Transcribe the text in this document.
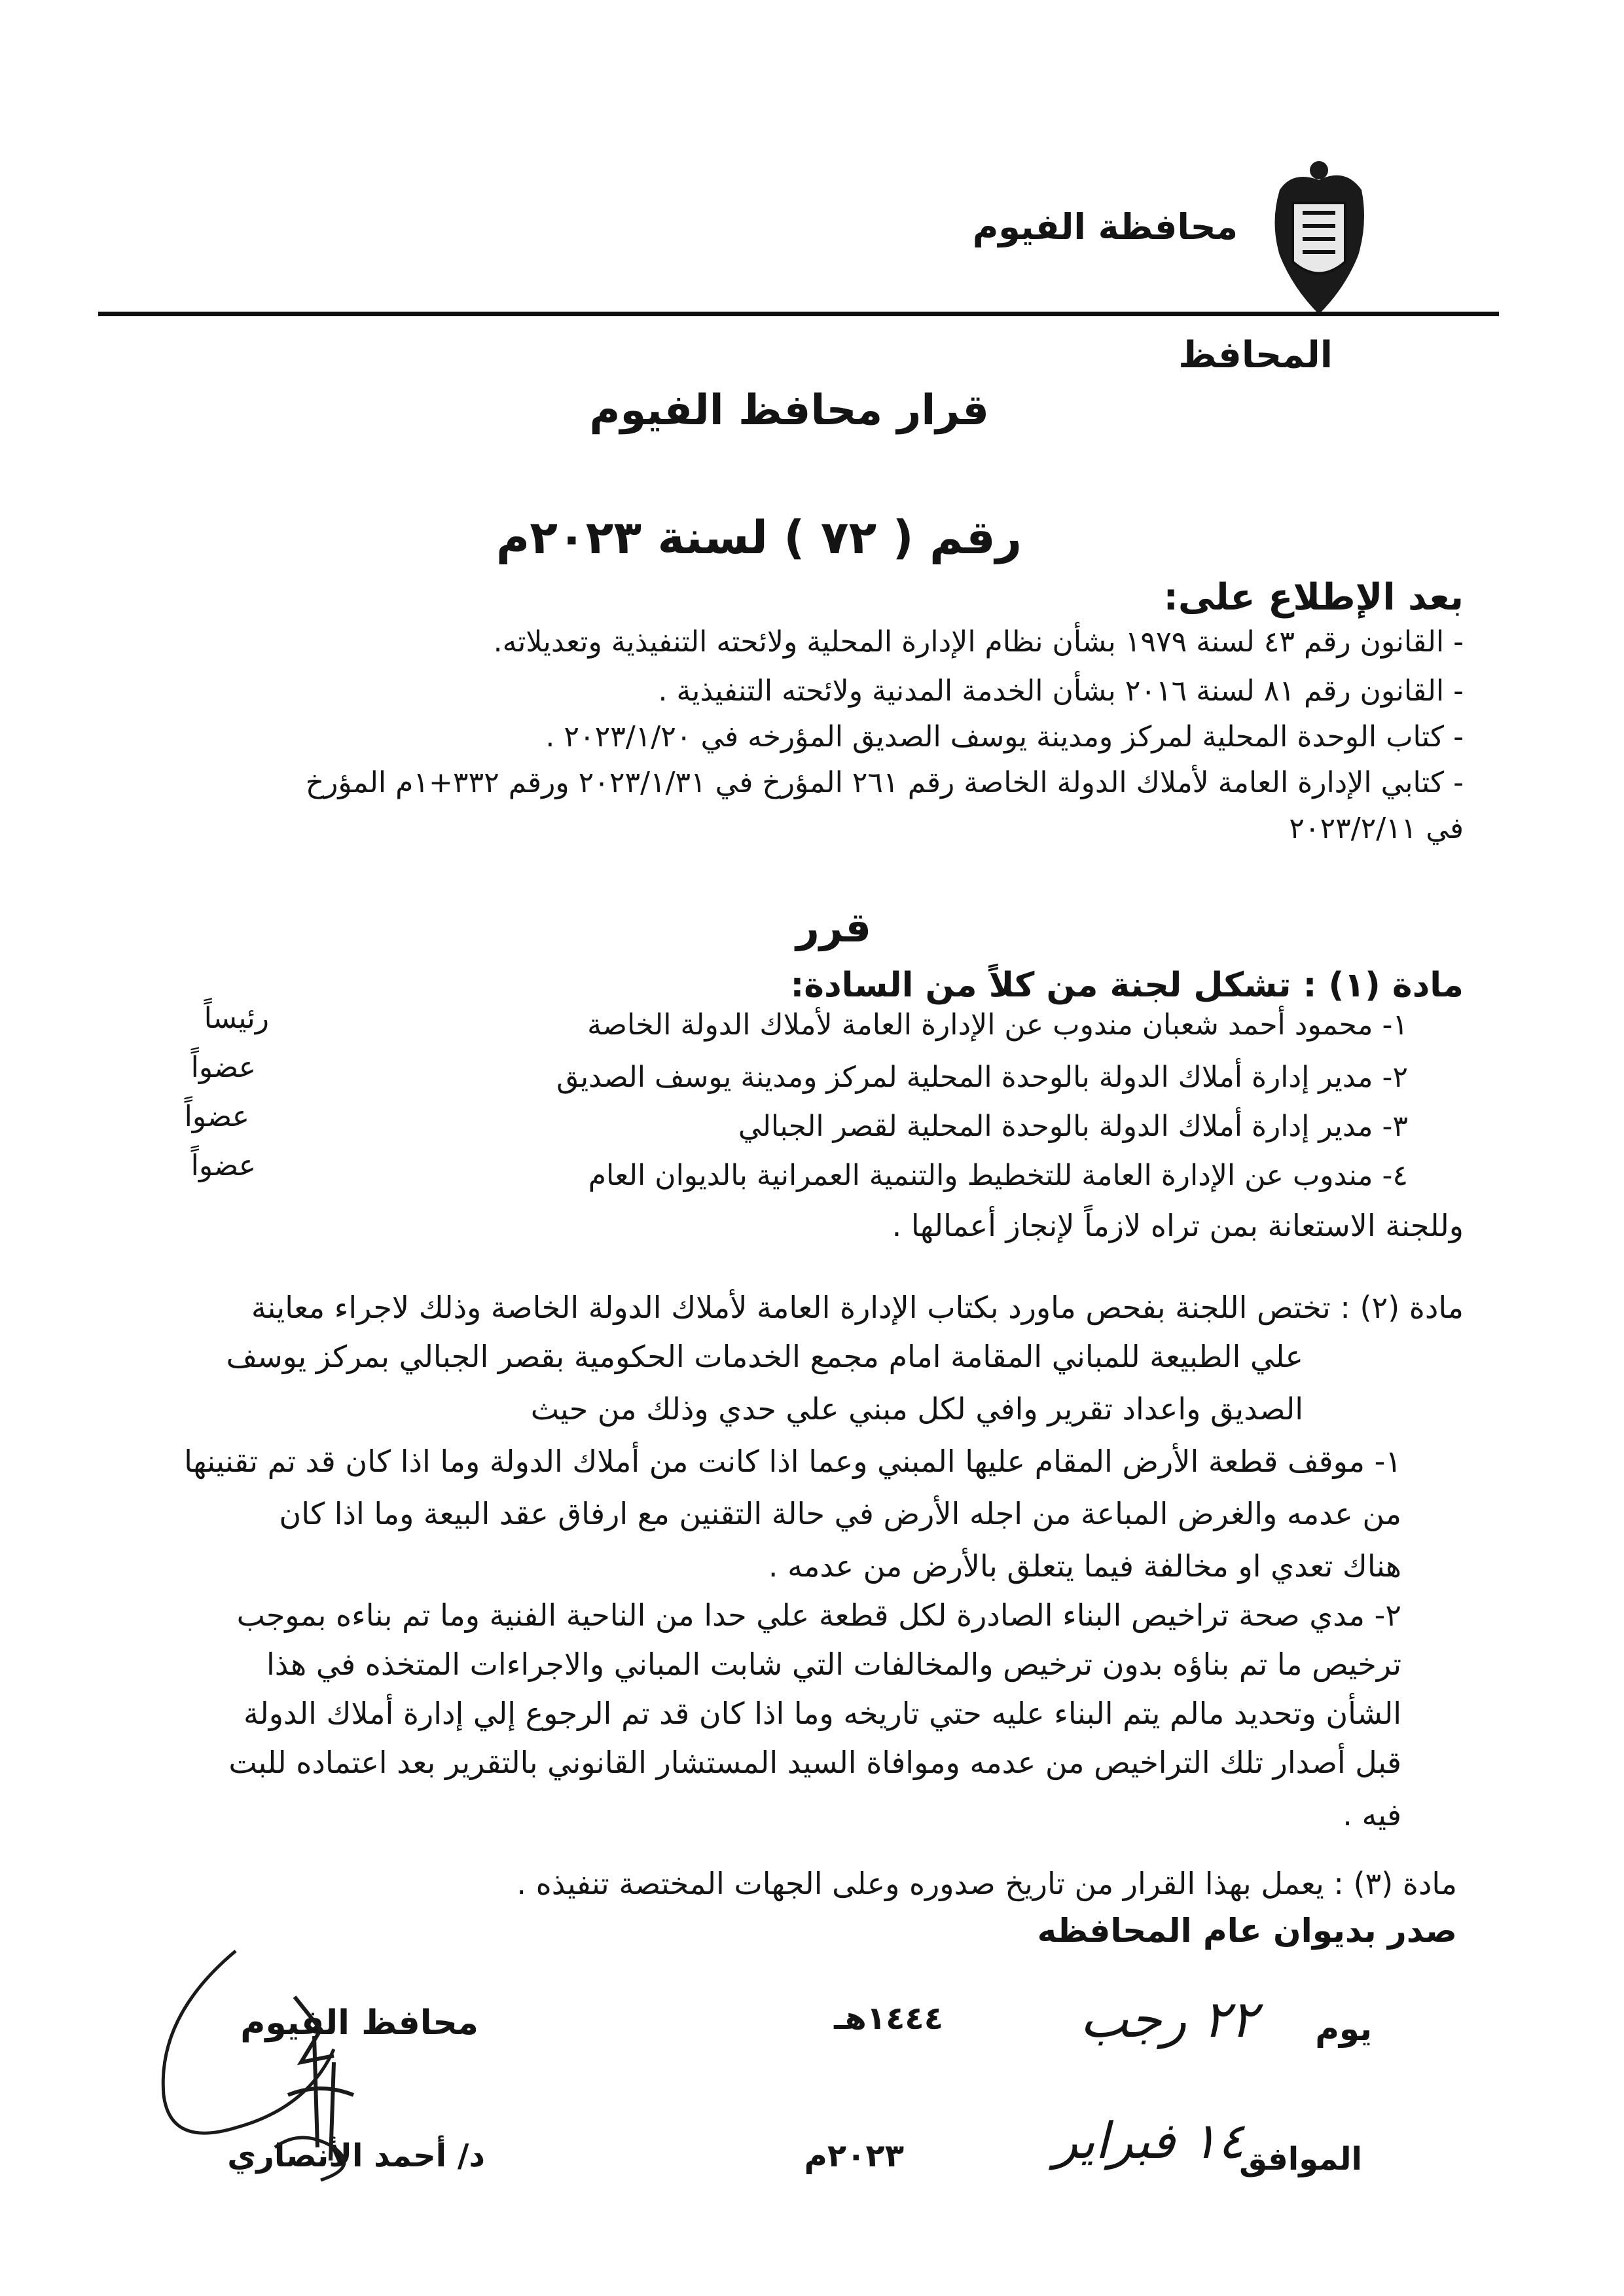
محافظة الفيوم
المحافظ
قرار محافظ الفيوم
رقم ( ٧٢ ) لسنة ٢٠٢٣م
بعد الإطلاع على:
- القانون رقم ٤٣ لسنة ١٩٧٩ بشأن نظام الإدارة المحلية ولائحته التنفيذية وتعديلاته.
- القانون رقم ٨١ لسنة ٢٠١٦ بشأن الخدمة المدنية ولائحته التنفيذية .
- كتاب الوحدة المحلية لمركز ومدينة يوسف الصديق المؤرخه في ٢٠٢٣/١/٢٠ .
- كتابي الإدارة العامة لأملاك الدولة الخاصة رقم ٢٦١ المؤرخ في ٢٠٢٣/١/٣١ ورقم ٣٣٢+١م المؤرخ
في ٢٠٢٣/٢/١١
قرر
مادة (١) : تشكل لجنة من كلاً من السادة:
١- محمود أحمد شعبان مندوب عن الإدارة العامة لأملاك الدولة الخاصة
رئيساً
٢- مدير إدارة أملاك الدولة بالوحدة المحلية لمركز ومدينة يوسف الصديق
عضواً
٣- مدير إدارة أملاك الدولة بالوحدة المحلية لقصر الجبالي
عضواً
٤- مندوب عن الإدارة العامة للتخطيط والتنمية العمرانية بالديوان العام
عضواً
وللجنة الاستعانة بمن تراه لازماً لإنجاز أعمالها .
مادة (٢) : تختص اللجنة بفحص ماورد بكتاب الإدارة العامة لأملاك الدولة الخاصة وذلك لاجراء معاينة
علي الطبيعة للمباني المقامة امام مجمع الخدمات الحكومية بقصر الجبالي بمركز يوسف
الصديق واعداد تقرير وافي لكل مبني علي حدي وذلك من حيث
١- موقف قطعة الأرض المقام عليها المبني وعما اذا كانت من أملاك الدولة وما اذا كان قد تم تقنينها
من عدمه والغرض المباعة من اجله الأرض في حالة التقنين مع ارفاق عقد البيعة وما اذا كان
هناك تعدي او مخالفة فيما يتعلق بالأرض من عدمه .
٢- مدي صحة تراخيص البناء الصادرة لكل قطعة علي حدا من الناحية الفنية وما تم بناءه بموجب
ترخيص ما تم بناؤه بدون ترخيص والمخالفات التي شابت المباني والاجراءات المتخذه في هذا
الشأن وتحديد مالم يتم البناء عليه حتي تاريخه وما اذا كان قد تم الرجوع إلي إدارة أملاك الدولة
قبل أصدار تلك التراخيص من عدمه وموافاة السيد المستشار القانوني بالتقرير بعد اعتماده للبت
فيه .
مادة (٣) : يعمل بهذا القرار من تاريخ صدوره وعلى الجهات المختصة تنفيذه .
صدر بديوان عام المحافظه
يوم
٢٢ رجب
١٤٤٤هـ
الموافق
١٤ فبراير
٢٠٢٣م
محافظ الفيوم
د/ أحمد الأنصاري
